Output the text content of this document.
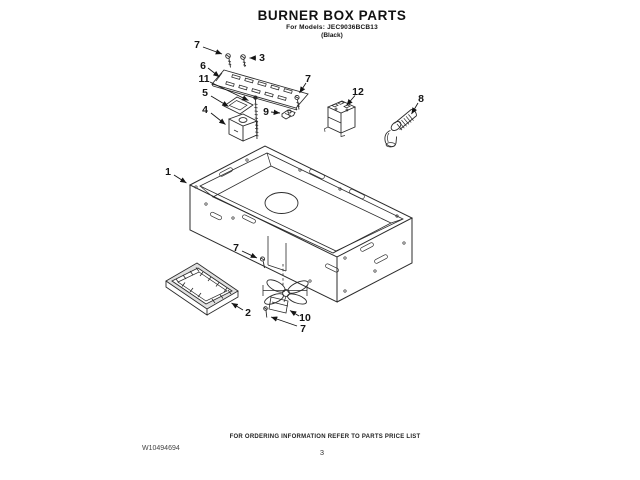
BURNER BOX PARTS
For Models: JEC9036BCB13
(Black)
7
3
6
11
5
4
7
9
12
8
1
7
2	10
7
FOR ORDERING INFORMATION REFER TO PARTS PRICE LIST
W10494694	3
